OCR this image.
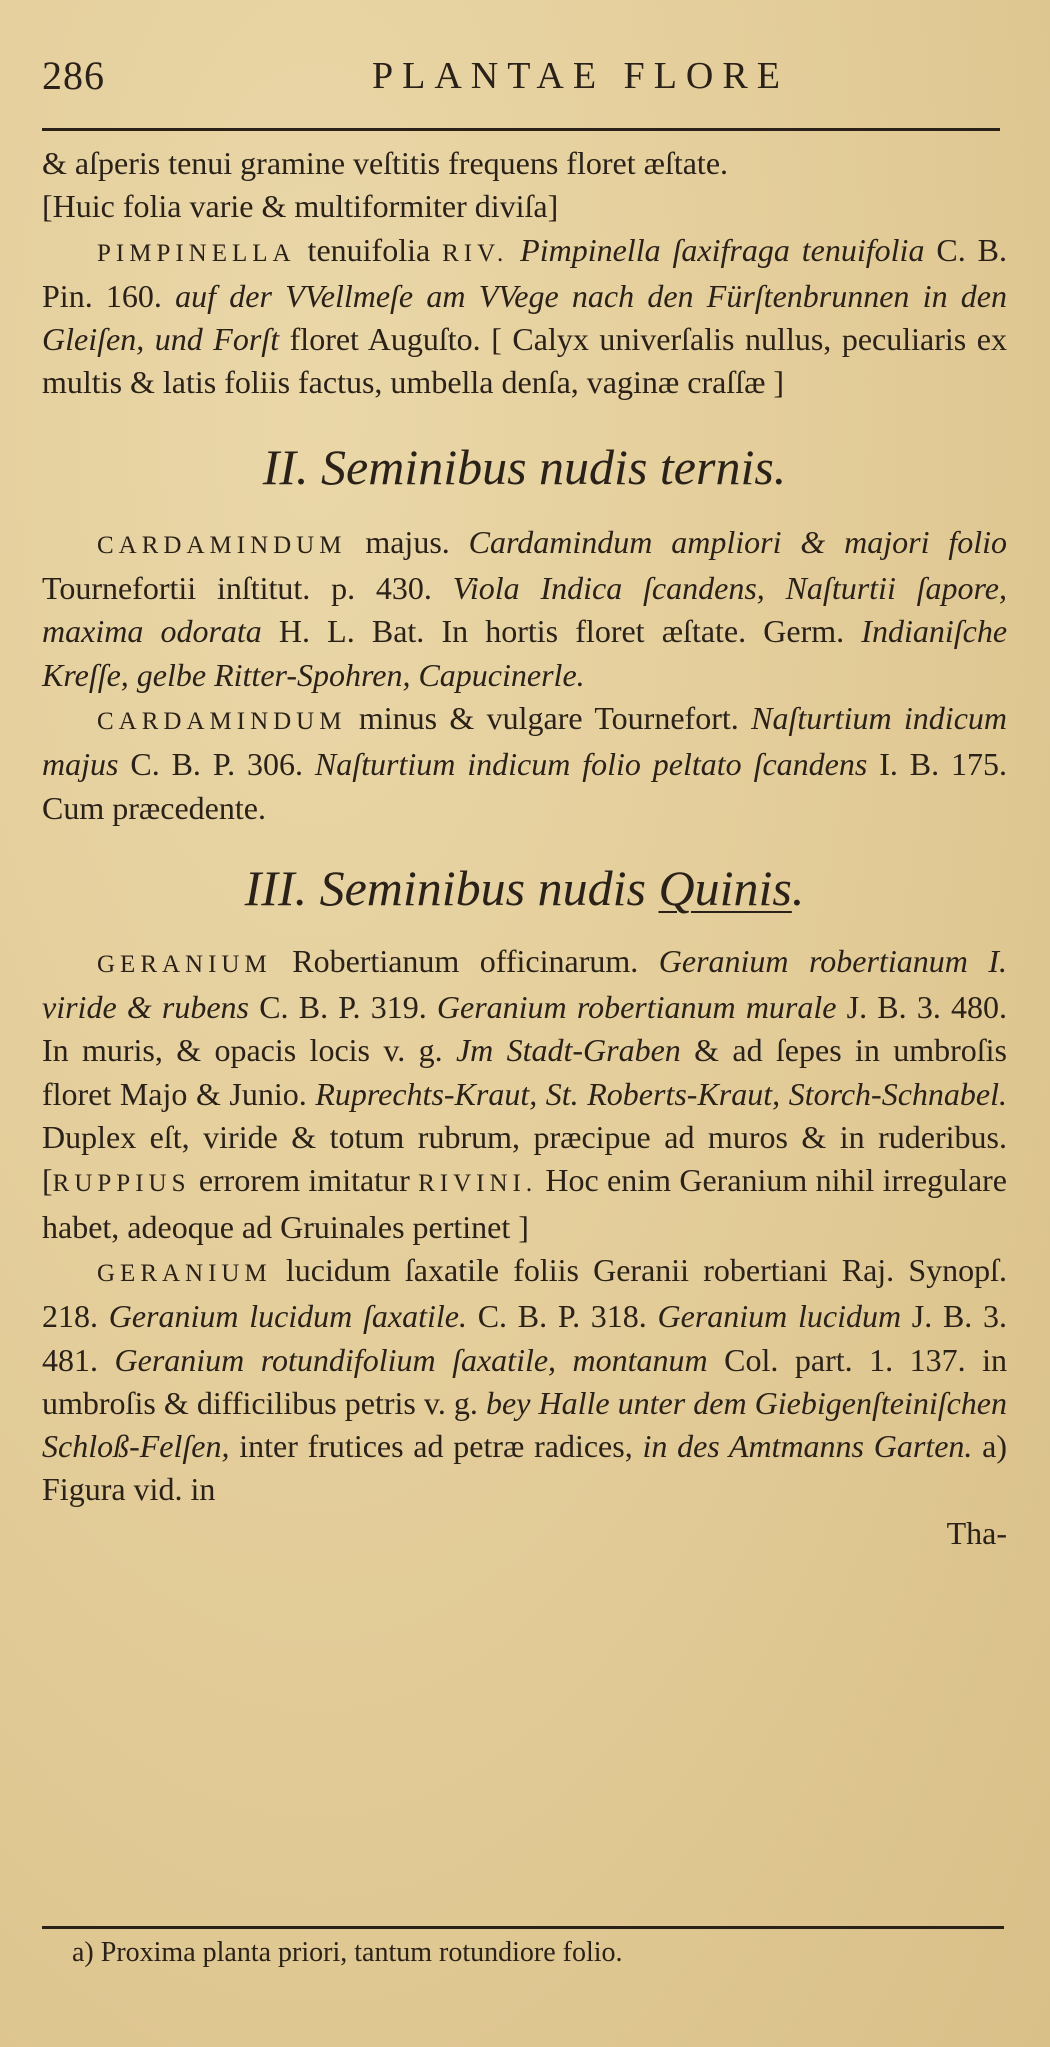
286	PLANTAE FLORE

& aſperis tenui gramine veſtitis frequens floret æſtate.

[Huic folia varie & multiformiter diviſa]

PIMPINELLA tenuifolia RIV. Pimpinella ſaxifraga tenuifolia C. B. Pin. 160. auf der VVellmeſe am VVege nach den Fürſtenbrunnen in den Gleiſen, und Forſt floret Auguſto. [ Calyx univerſalis nullus, peculiaris ex multis & latis foliis factus, umbella denſa, vaginæ craſſæ ]

II. Seminibus nudis ternis.

CARDAMINDUM majus. Cardamindum ampliori & majori folio Tournefortii inſtitut. p. 430. Viola Indica ſcandens, Naſturtii ſapore, maxima odorata H. L. Bat. In hortis floret æſtate. Germ. Indianiſche Kreſſe, gelbe Ritter-Spohren, Capucinerle.

CARDAMINDUM minus & vulgare Tournefort. Naſturtium indicum majus C. B. P. 306. Naſturtium indicum folio peltato ſcandens I. B. 175. Cum præcedente.

III. Seminibus nudis Quinis.

GERANIUM Robertianum officinarum. Geranium robertianum I. viride & rubens C. B. P. 319. Geranium robertianum murale J. B. 3. 480. In muris, & opacis locis v. g. Jm Stadt-Graben & ad ſepes in umbroſis floret Majo & Junio. Ruprechts-Kraut, St. Roberts-Kraut, Storch-Schnabel. Duplex eſt, viride & totum rubrum, præcipue ad muros & in ruderibus. [RUPPIUS errorem imitatur RIVINI. Hoc enim Geranium nihil irregulare habet, adeoque ad Gruinales pertinet ]

GERANIUM lucidum ſaxatile foliis Geranii robertiani Raj. Synopſ. 218. Geranium lucidum ſaxatile. C. B. P. 318. Geranium lucidum J. B. 3. 481. Geranium rotundifolium ſaxatile, montanum Col. part. 1. 137. in umbroſis & difficilibus petris v. g. bey Halle unter dem Giebigenſteiniſchen Schloß-Felſen, inter frutices ad petræ radices, in des Amtmanns Garten. a) Figura vid. in

Tha-

a) Proxima planta priori, tantum rotundiore folio.
